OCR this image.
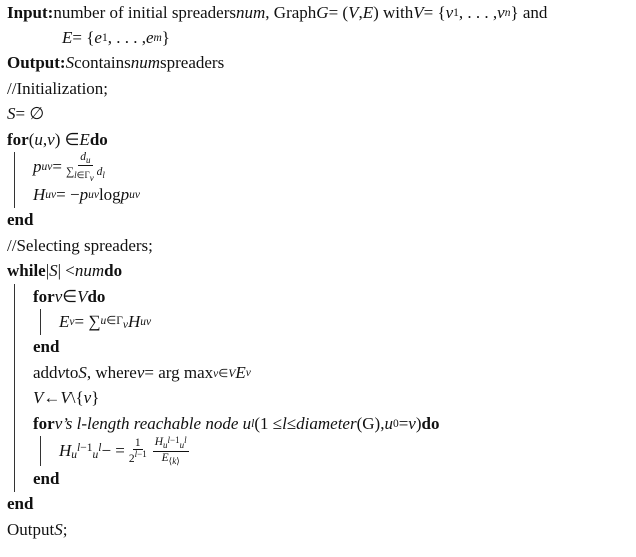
Input: number of initial spreaders num , Graph G = ( V , E ) with V = { v 1 , . . . , v n } and
E = { e 1 , . . . , e m }
Output: S contains num spreaders
//Initialization;
S = ∅
for ( u , v ) ∈ E do
p uv = $\frac{d_u}{\sum_{l\in\Gamma v} d_l}$
H uv = − p uv log p uv
end
//Selecting spreaders;
while | S | < num do
for v ∈ V do
E v = ∑ u∈Γv H uv
end
add v to S , where v = arg max v∈V E v
V ← V \{ v }
for v’s l-length reachable node u l (1 ≤ l ≤ diameter (G), u 0 = v ) do
H ul−1ul − = $\frac{1}{2^{l-1}} \frac{H_{ul-1ul}}{E_{⟨k⟩}}$
end
end
Output S ;
